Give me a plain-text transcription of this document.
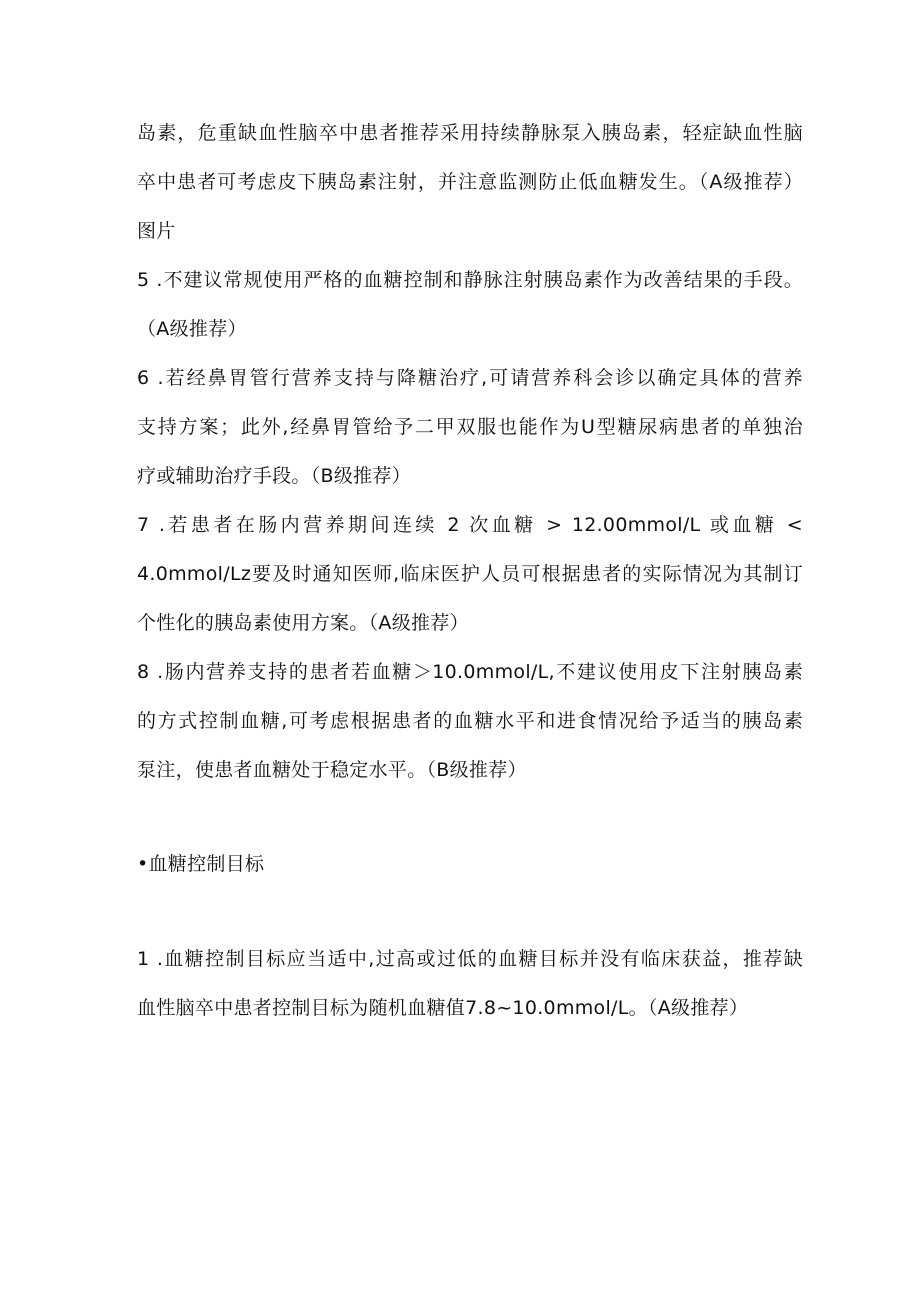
岛素，危重缺血性脑卒中患者推荐采用持续静脉泵入胰岛素，轻症缺血性脑
卒中患者可考虑皮下胰岛素注射，并注意监测防止低血糖发生。（A级推荐）
图片
5 .不建议常规使用严格的血糖控制和静脉注射胰岛素作为改善结果的手段。
（A级推荐）
6 .若经鼻胃管行营养支持与降糖治疗,可请营养科会诊以确定具体的营养
支持方案；此外,经鼻胃管给予二甲双服也能作为U型糖尿病患者的单独治
疗或辅助治疗手段。（B级推荐）
7 .若患者在肠内营养期间连续 2 次血糖 > 12.00mmol/L 或血糖 <
4.0mmol/Lz要及时通知医师,临床医护人员可根据患者的实际情况为其制订
个性化的胰岛素使用方案。（A级推荐）
8 .肠内营养支持的患者若血糖＞10.0mmol/L,不建议使用皮下注射胰岛素
的方式控制血糖,可考虑根据患者的血糖水平和进食情况给予适当的胰岛素
泵注，使患者血糖处于稳定水平。（B级推荐）
•血糖控制目标
1 .血糖控制目标应当适中,过高或过低的血糖目标并没有临床获益，推荐缺
血性脑卒中患者控制目标为随机血糖值7.8~10.0mmol/L。（A级推荐）
